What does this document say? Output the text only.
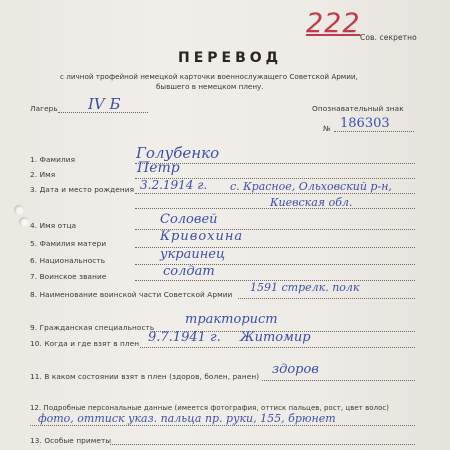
222 Сов. секретно
ПЕРЕВОД
с личной трофейной немецкой карточки военнослужащего Советской Армии,
бывшего в немецком плену.
Лагерь IV Б	Опознавательный знак
№ 186303
1. Фамилия	Голубенко
2. Имя	Петр
3. Дата и место рождения 3.2.1914 г. с. Красное, Ольховский р-н,
Киевская обл.
4. Имя отца	Соловей
5. Фамилия матери	Кривохина
6. Национальность	украинец
7. Воинское звание	солдат
8. Наименование воинской части Советской Армии
1591 стрелк. полк
9. Гражданская специальность
тракторист
10. Когда и где взят в плен 9.7.1941 г. Житомир
11. В каком состоянии взят в плен (здоров, болен, ранен) здоров
12. Подробные персональные данные (имеется фотография, оттиск пальцев, рост, цвет волос)
фото, оттиск указ. пальца пр. руки, 155, брюнет
13. Особые приметы
